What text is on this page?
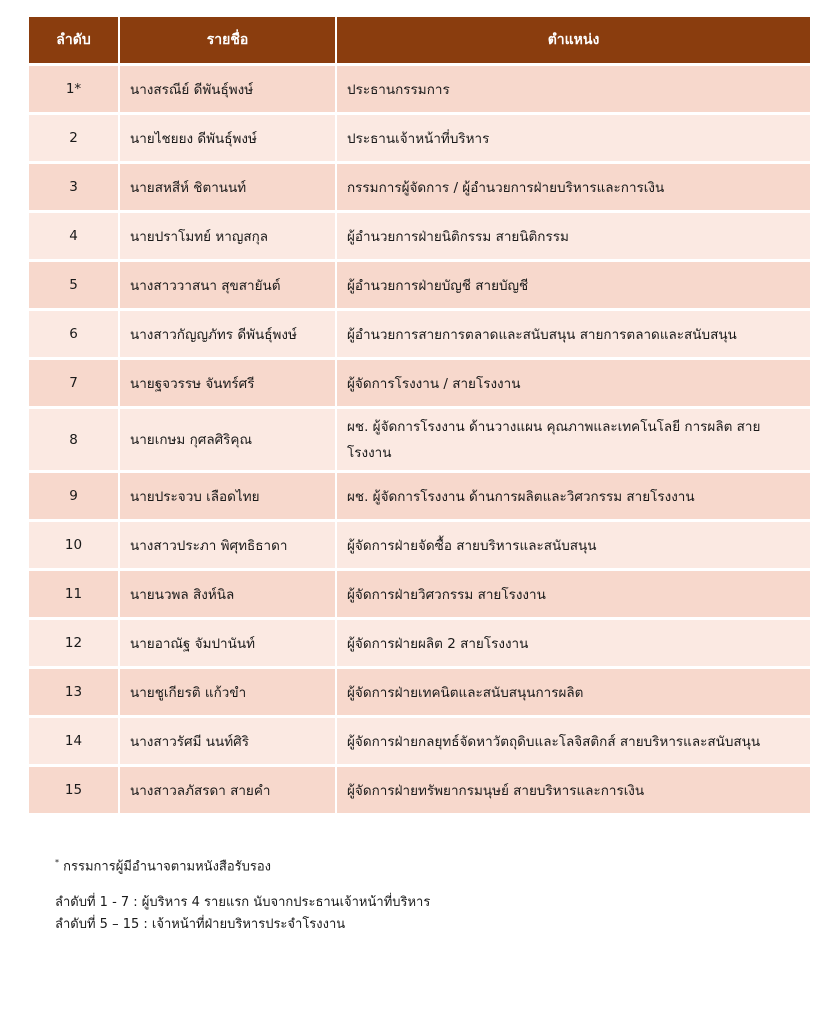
ลำดับ	รายชื่อ	ตำแหน่ง
1*	นางสรณีย์ ดีพันธุ์พงษ์	ประธานกรรมการ
2	นายไชยยง ดีพันธุ์พงษ์	ประธานเจ้าหน้าที่บริหาร
3	นายสหสีห์ ชิตานนท์	กรรมการผู้จัดการ / ผู้อำนวยการฝ่ายบริหารและการเงิน
4	นายปราโมทย์ หาญสกุล	ผู้อำนวยการฝ่ายนิติกรรม สายนิติกรรม
5	นางสาววาสนา สุขสายันต์	ผู้อำนวยการฝ่ายบัญชี สายบัญชี
6	นางสาวกัญญภัทร ดีพันธุ์พงษ์	ผู้อำนวยการสายการตลาดและสนับสนุน สายการตลาดและสนับสนุน
7	นายฐจวรรษ จันทร์ศรี	ผู้จัดการโรงงาน / สายโรงงาน
8	นายเกษม กุศลศิริคุณ	ผช. ผู้จัดการโรงงาน ด้านวางแผน คุณภาพและเทคโนโลยี การผลิต สายโรงงาน
9	นายประจวบ เลือดไทย	ผช. ผู้จัดการโรงงาน ด้านการผลิตและวิศวกรรม สายโรงงาน
10	นางสาวประภา พิศุทธิธาดา	ผู้จัดการฝ่ายจัดซื้อ สายบริหารและสนับสนุน
11	นายนวพล สิงห์นิล	ผู้จัดการฝ่ายวิศวกรรม สายโรงงาน
12	นายอาณัฐ จัมปานันท์	ผู้จัดการฝ่ายผลิต 2 สายโรงงาน
13	นายชูเกียรติ แก้วขำ	ผู้จัดการฝ่ายเทคนิตและสนับสนุนการผลิต
14	นางสาวรัศมี นนท์ศิริ	ผู้จัดการฝ่ายกลยุทธ์จัดหาวัตถุดิบและโลจิสติกส์ สายบริหารและสนับสนุน
15	นางสาวลภัสรดา สายคำ	ผู้จัดการฝ่ายทรัพยากรมนุษย์ สายบริหารและการเงิน
* กรรมการผู้มีอำนาจตามหนังสือรับรอง
ลำดับที่ 1 - 7 : ผู้บริหาร 4 รายแรก นับจากประธานเจ้าหน้าที่บริหาร
ลำดับที่ 5 – 15 : เจ้าหน้าที่ฝ่ายบริหารประจำโรงงาน
